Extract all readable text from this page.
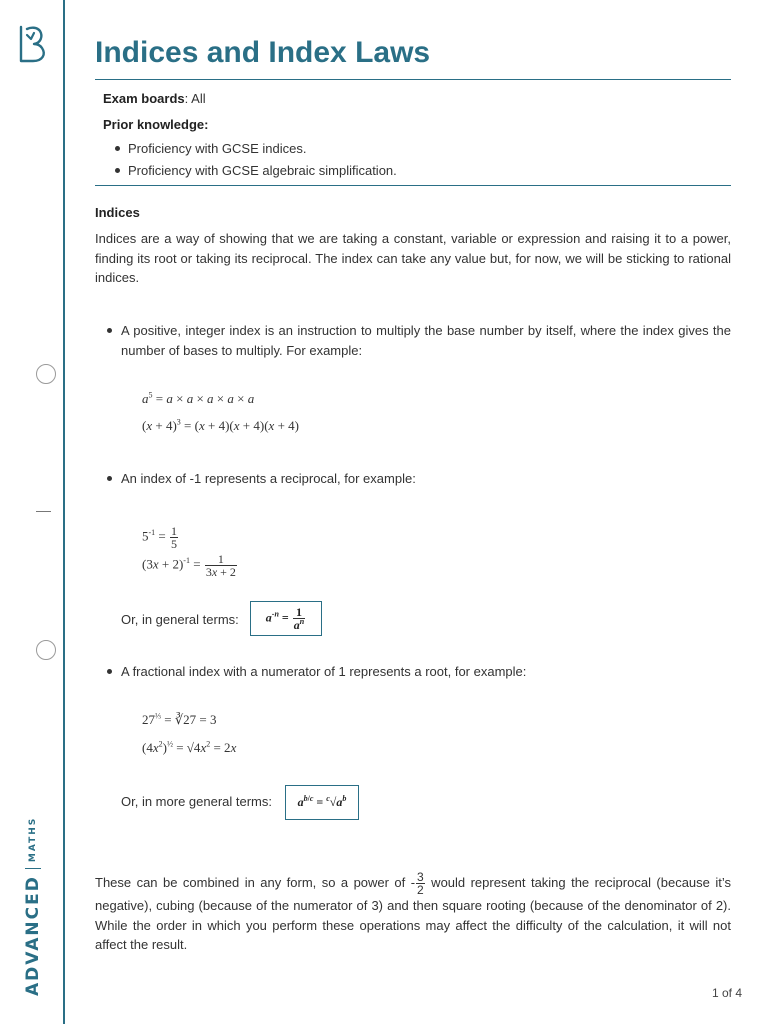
ADVANCED
MATHS
Indices and Index Laws

Exam boards: All

Prior knowledge:

Proficiency with GCSE indices.

Proficiency with GCSE algebraic simplification.

Indices

Indices are a way of showing that we are taking a constant, variable or expression and raising it to a power, finding its root or taking its reciprocal. The index can take any value but, for now, we will be sticking to rational indices.

A positive, integer index is an instruction to multiply the base number by itself, where the index gives the number of bases to multiply. For example:

$a^5 = a \times a \times a \times a \times a$
$(x + 4)^3 = (x + 4)(x + 4)(x + 4)$

An index of -1 represents a reciprocal, for example:

$5^{-1} = \frac{1}{5}$
$(3x + 2)^{-1} = \frac{1}{3x + 2}$

Or, in general terms: $a^{-n} = \frac{1}{a^n}$

A fractional index with a numerator of 1 represents a root, for example:

$27^{\frac{1}{3}}$ = ∛27 = 3
$(4x^2)^{\frac{1}{2}} = √4x^2 = 2x$

Or, in more general terms: $a^{b/c} = ^c√a^b$

These can be combined in any form, so a power of - $\frac{3}{2}$ would represent taking the reciprocal (because it’s negative), cubing (because of the numerator of 3) and then square rooting (because of the denominator of 2). While the order in which you perform these operations may affect the difficulty of the calculation, it will not affect the result.

1 of 4
